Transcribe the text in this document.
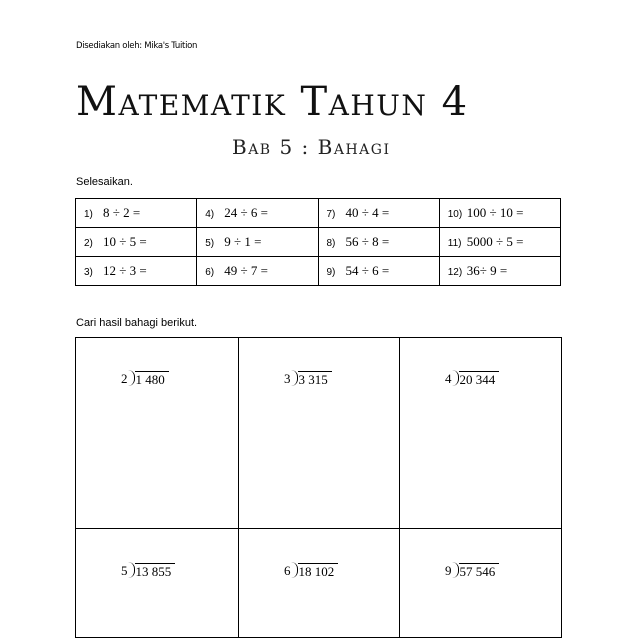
Disediakan oleh: Mika's Tuition
Matematik Tahun 4
Bab 5 : Bahagi
Selesaikan.
1) 8 ÷ 2 =	4) 24 ÷ 6 =	7) 40 ÷ 4 =	10) 100 ÷ 10 =
2) 10 ÷ 5 =	5) 9 ÷ 1 =	8) 56 ÷ 8 =	11) 5000 ÷ 5 =
3) 12 ÷ 3 =	6) 49 ÷ 7 =	9) 54 ÷ 6 =	12) 36÷ 9 =
Cari hasil bahagi berikut.
2 1 480	3 3 315	4 20 344
5 13 855	6 18 102	9 57 546
